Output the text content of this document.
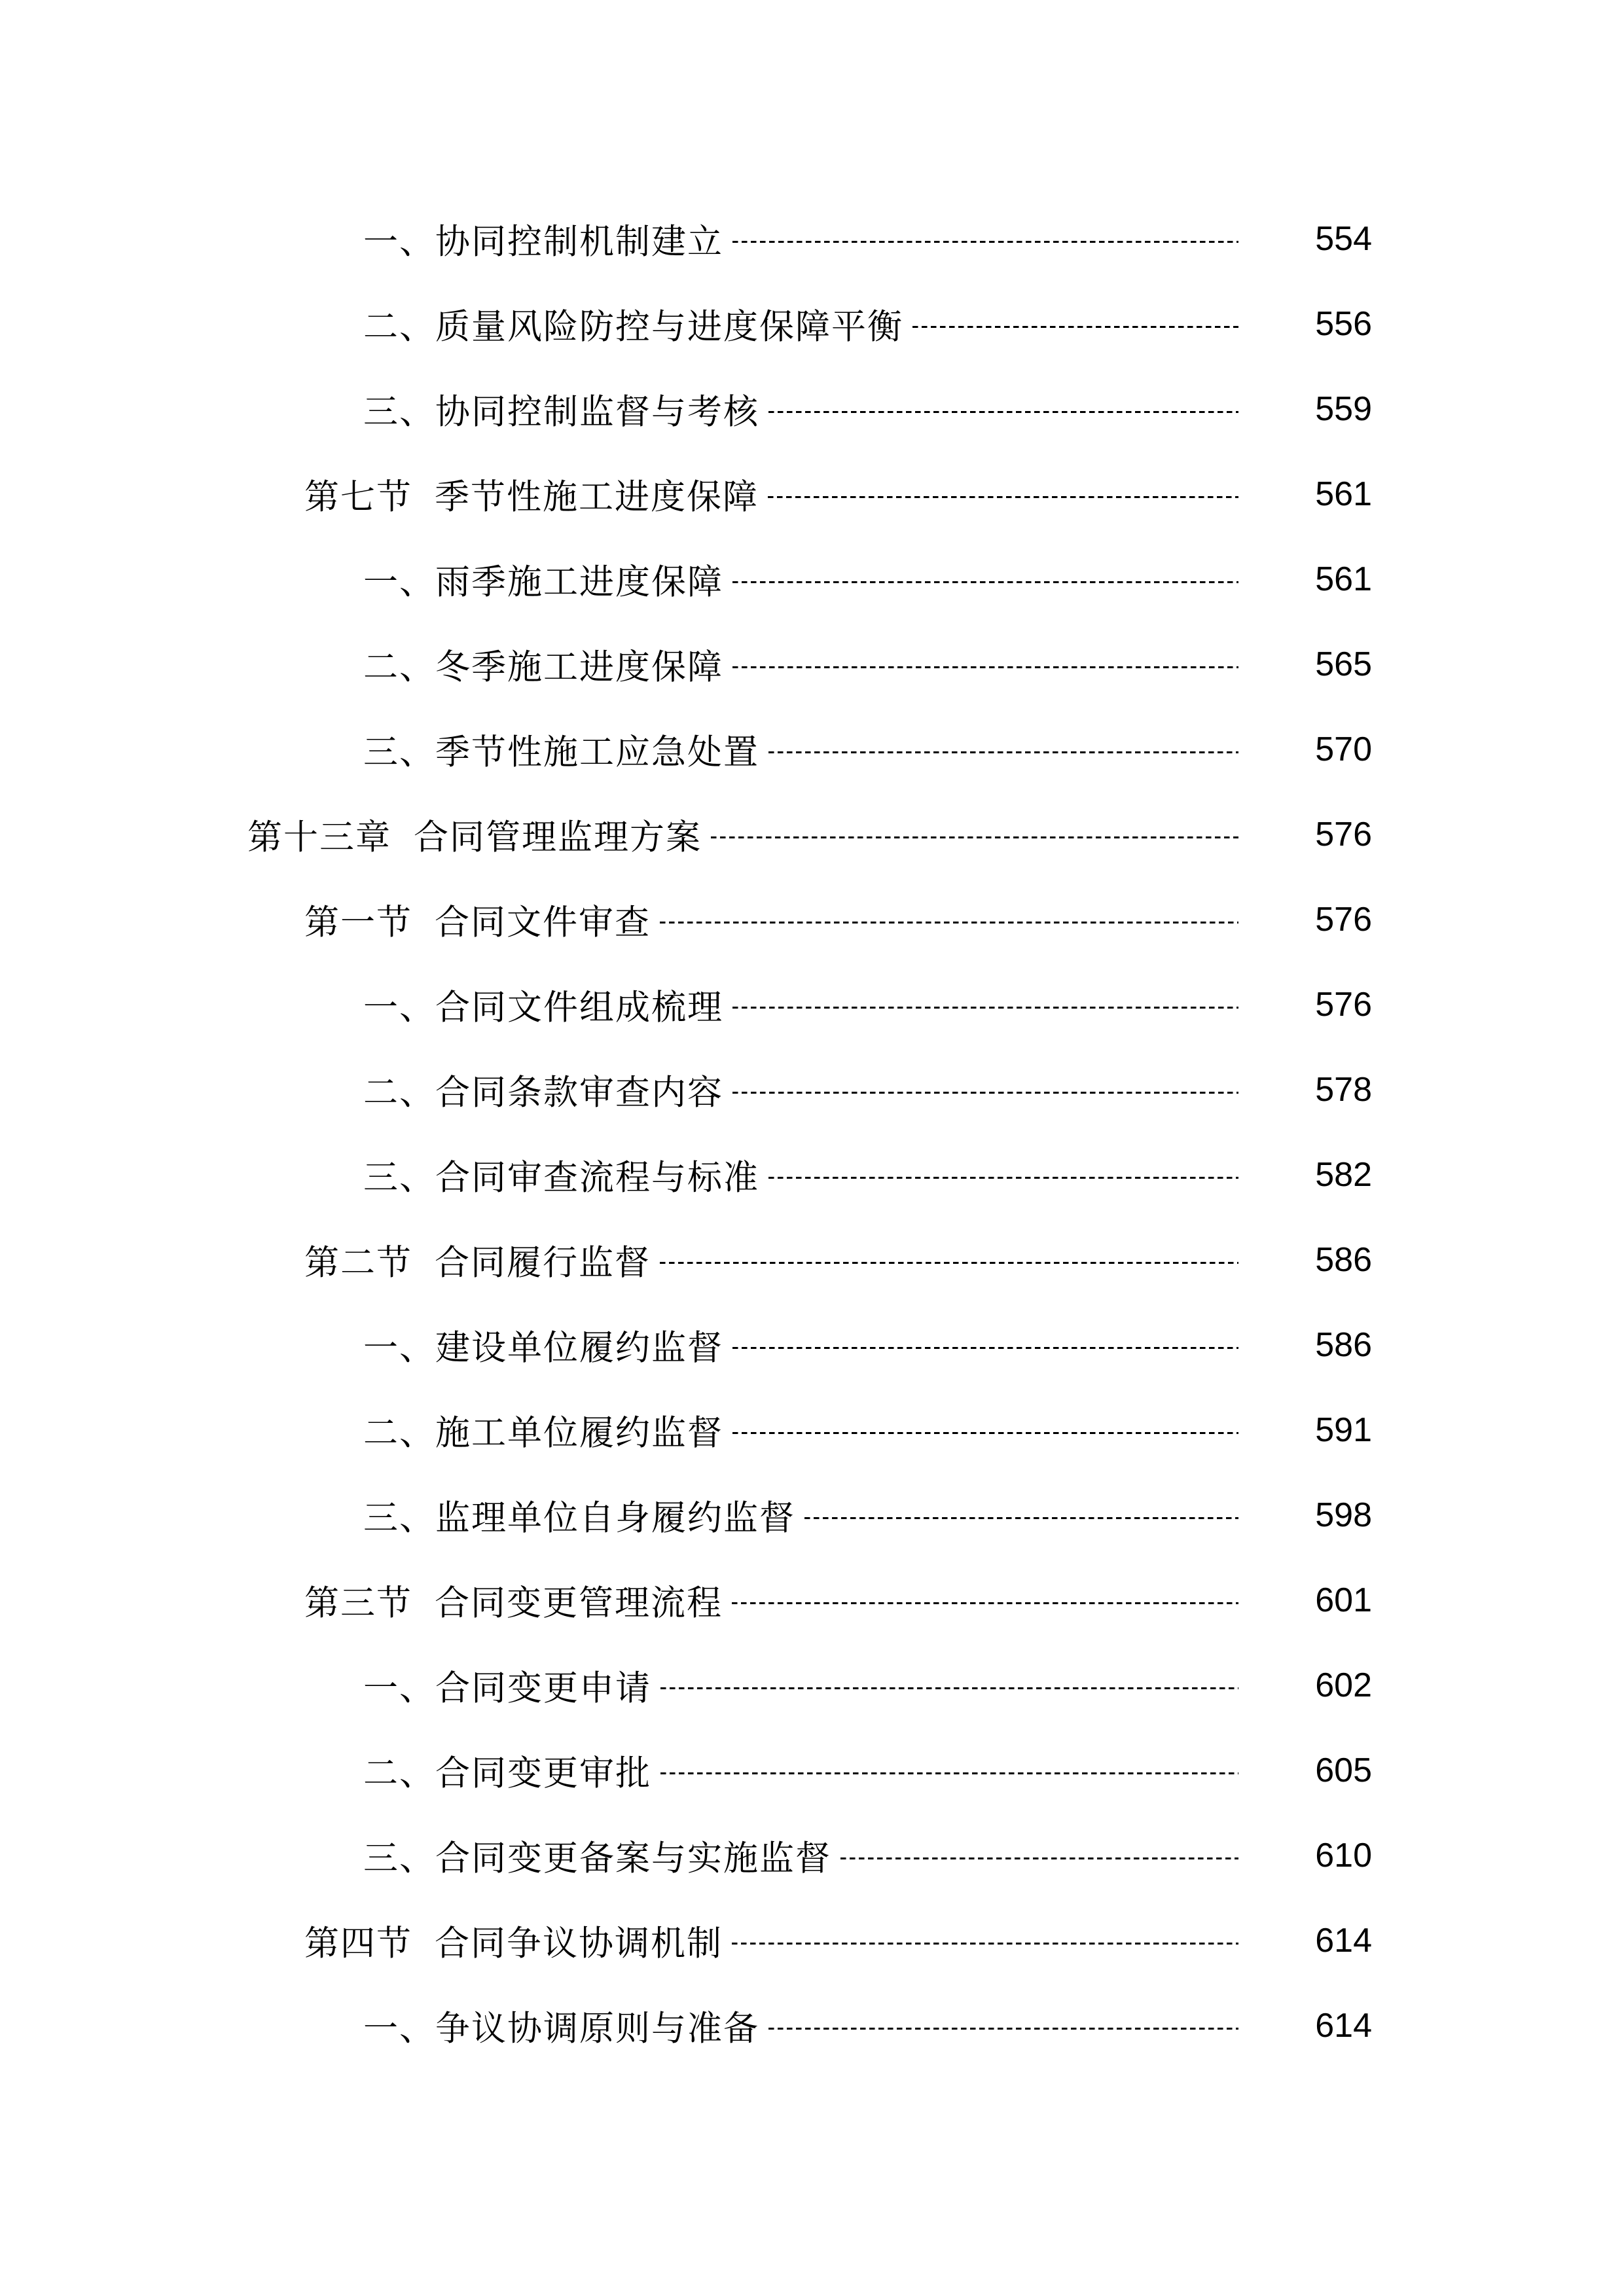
一、协同控制机制建立	554
二、质量风险防控与进度保障平衡	556
三、协同控制监督与考核	559
第七节 季节性施工进度保障	561
一、雨季施工进度保障	561
二、冬季施工进度保障	565
三、季节性施工应急处置	570
第十三章 合同管理监理方案	576
第一节 合同文件审查	576
一、合同文件组成梳理	576
二、合同条款审查内容	578
三、合同审查流程与标准	582
第二节 合同履行监督	586
一、建设单位履约监督	586
二、施工单位履约监督	591
三、监理单位自身履约监督	598
第三节 合同变更管理流程	601
一、合同变更申请	602
二、合同变更审批	605
三、合同变更备案与实施监督	610
第四节 合同争议协调机制	614
一、争议协调原则与准备	614
